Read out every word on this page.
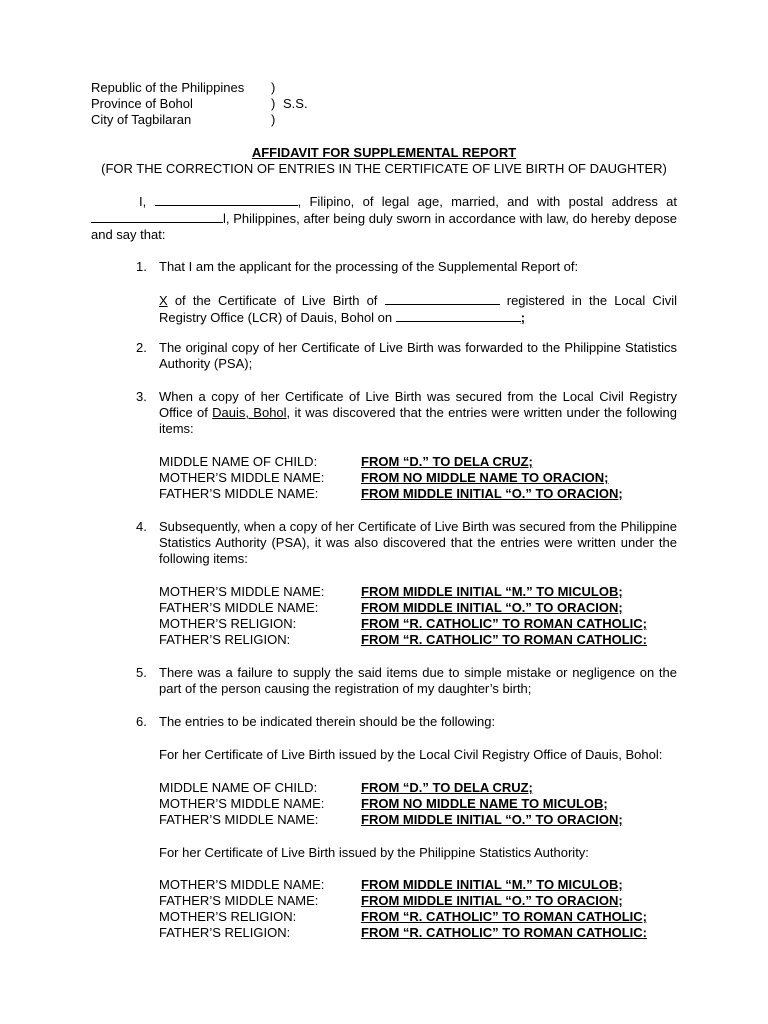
Republic of the Philippines )
Province of Bohol	) S.S.
City of Tagbilaran	)
AFFIDAVIT FOR SUPPLEMENTAL REPORT
(FOR THE CORRECTION OF ENTRIES IN THE CERTIFICATE OF LIVE BIRTH OF DAUGHTER)
I,	, Filipino, of legal age, married, and with postal address at l, Philippines, after being duly sworn in accordance with law, do hereby depose and say that:
1. That I am the applicant for the processing of the Supplemental Report of:
X of the Certificate of Live Birth of	registered in the Local Civil Registry Office (LCR) of Dauis, Bohol on	;
2. The original copy of her Certificate of Live Birth was forwarded to the Philippine Statistics Authority (PSA);
3. When a copy of her Certificate of Live Birth was secured from the Local Civil Registry Office of Dauis, Bohol, it was discovered that the entries were written under the following items:
MIDDLE NAME OF CHILD:	FROM “D.” TO DELA CRUZ;
MOTHER’S MIDDLE NAME:	FROM NO MIDDLE NAME TO ORACION;
FATHER’S MIDDLE NAME:	FROM MIDDLE INITIAL “O.” TO ORACION;
4. Subsequently, when a copy of her Certificate of Live Birth was secured from the Philippine Statistics Authority (PSA), it was also discovered that the entries were written under the following items:
MOTHER’S MIDDLE NAME:	FROM MIDDLE INITIAL “M.” TO MICULOB;
FATHER’S MIDDLE NAME:	FROM MIDDLE INITIAL “O.” TO ORACION;
MOTHER’S RELIGION:	FROM “R. CATHOLIC” TO ROMAN CATHOLIC;
FATHER’S RELIGION:	FROM “R. CATHOLIC” TO ROMAN CATHOLIC:
5. There was a failure to supply the said items due to simple mistake or negligence on the part of the person causing the registration of my daughter’s birth;
6. The entries to be indicated therein should be the following:
For her Certificate of Live Birth issued by the Local Civil Registry Office of Dauis, Bohol:
MIDDLE NAME OF CHILD:	FROM “D.” TO DELA CRUZ;
MOTHER’S MIDDLE NAME:	FROM NO MIDDLE NAME TO MICULOB;
FATHER’S MIDDLE NAME:	FROM MIDDLE INITIAL “O.” TO ORACION;
For her Certificate of Live Birth issued by the Philippine Statistics Authority:
MOTHER’S MIDDLE NAME:	FROM MIDDLE INITIAL “M.” TO MICULOB;
FATHER’S MIDDLE NAME:	FROM MIDDLE INITIAL “O.” TO ORACION;
MOTHER’S RELIGION:	FROM “R. CATHOLIC” TO ROMAN CATHOLIC;
FATHER’S RELIGION:	FROM “R. CATHOLIC” TO ROMAN CATHOLIC:
